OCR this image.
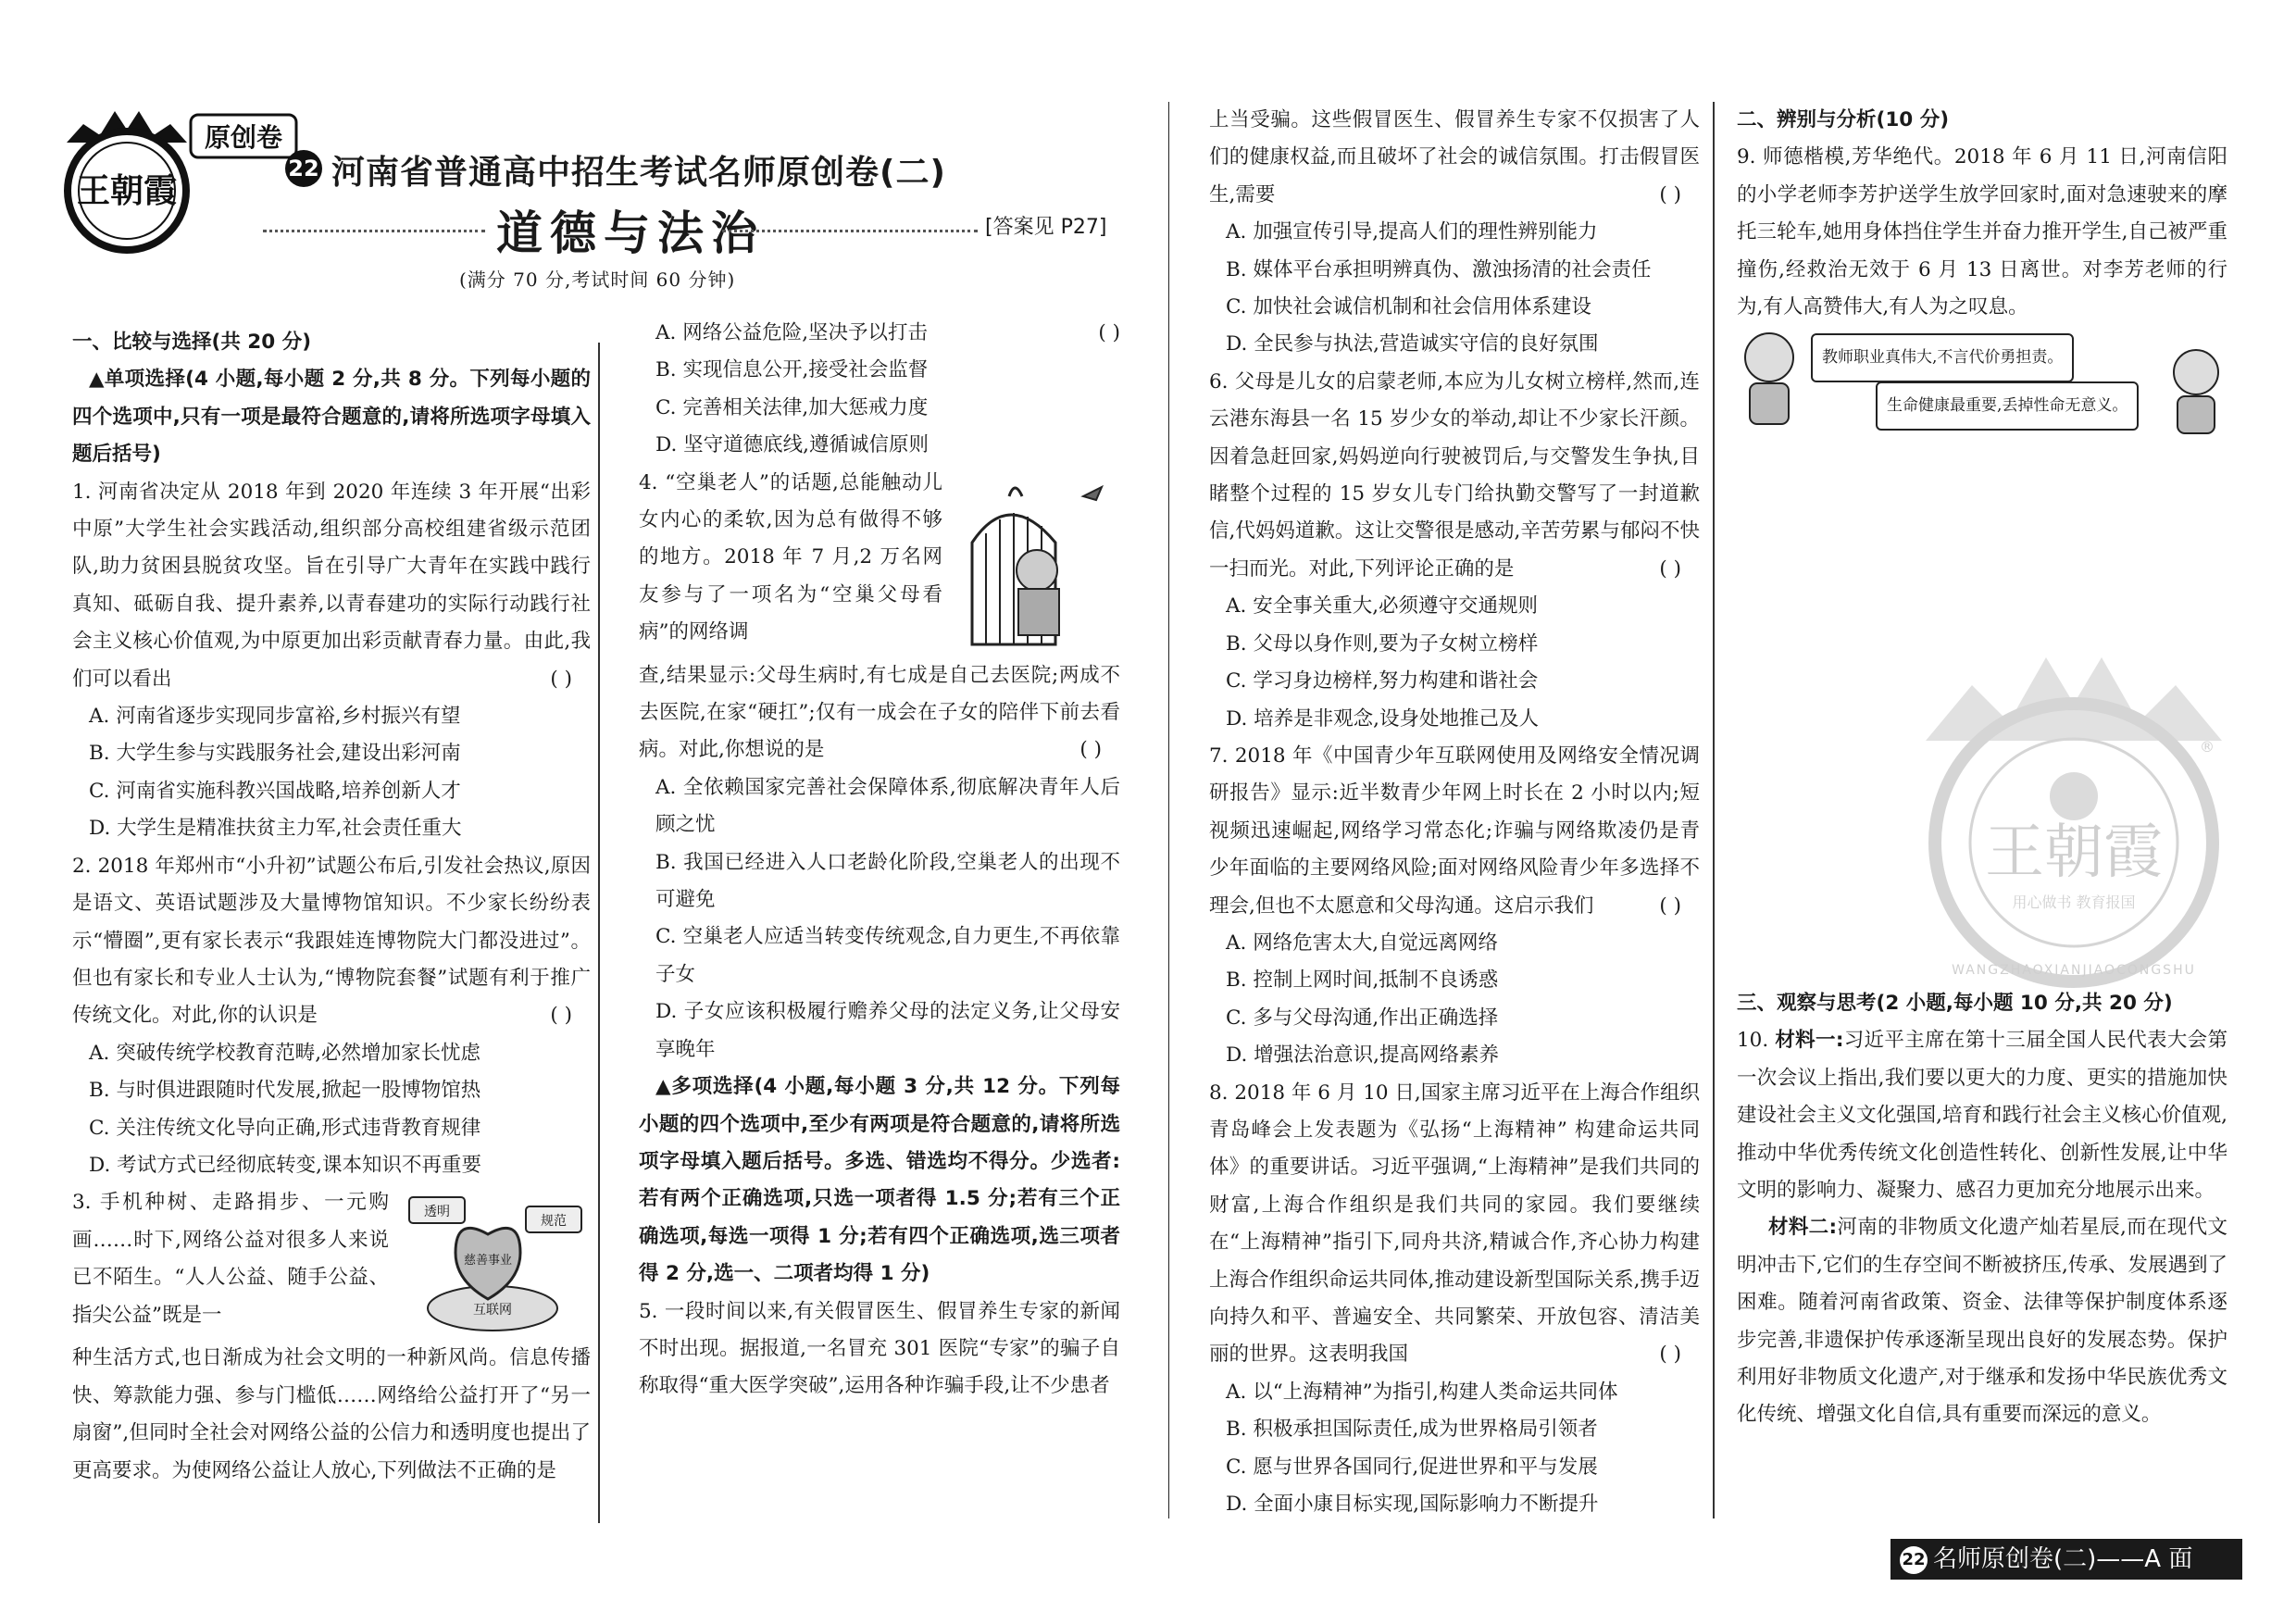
王朝霞
原创卷
22 河南省普通高中招生考试名师原创卷(二)
道德与法治	[答案见 P27]
(满分 70 分,考试时间 60 分钟)

一、比较与选择(共 20 分)

▲单项选择(4 小题,每小题 2 分,共 8 分。下列每小题的四个选项中,只有一项是最符合题意的,请将所选项字母填入题后括号)

1. 河南省决定从 2018 年到 2020 年连续 3 年开展“出彩中原”大学生社会实践活动,组织部分高校组建省级示范团队,助力贫困县脱贫攻坚。旨在引导广大青年在实践中践行真知、砥砺自我、提升素养,以青春建功的实际行动践行社会主义核心价值观,为中原更加出彩贡献青春力量。由此,我们可以看出	( )

A. 河南省逐步实现同步富裕,乡村振兴有望

B. 大学生参与实践服务社会,建设出彩河南

C. 河南省实施科教兴国战略,培养创新人才

D. 大学生是精准扶贫主力军,社会责任重大

2. 2018 年郑州市“小升初”试题公布后,引发社会热议,原因是语文、英语试题涉及大量博物馆知识。不少家长纷纷表示“懵圈”,更有家长表示“我跟娃连博物院大门都没进过”。但也有家长和专业人士认为,“博物院套餐”试题有利于推广传统文化。对此,你的认识是	( )

A. 突破传统学校教育范畴,必然增加家长忧虑

B. 与时俱进跟随时代发展,掀起一股博物馆热

C. 关注传统文化导向正确,形式违背教育规律

D. 考试方式已经彻底转变,课本知识不再重要

透明
规范
慈善事业
互联网

3. 手机种树、走路捐步、一元购画……时下,网络公益对很多人来说已不陌生。“人人公益、随手公益、指尖公益”既是一

种生活方式,也日渐成为社会文明的一种新风尚。信息传播快、筹款能力强、参与门槛低……网络给公益打开了“另一扇窗”,但同时全社会对网络公益的公信力和透明度也提出了更高要求。为使网络公益让人放心,下列做法不正确的是

( )

A. 网络公益危险,坚决予以打击

B. 实现信息公开,接受社会监督

C. 完善相关法律,加大惩戒力度

D. 坚守道德底线,遵循诚信原则

4. “空巢老人”的话题,总能触动儿女内心的柔软,因为总有做得不够的地方。2018 年 7 月,2 万名网友参与了一项名为“空巢父母看病”的网络调

查,结果显示:父母生病时,有七成是自己去医院;两成不去医院,在家“硬扛”;仅有一成会在子女的陪伴下前去看病。对此,你想说的是	( )

A. 全依赖国家完善社会保障体系,彻底解决青年人后顾之忧

B. 我国已经进入人口老龄化阶段,空巢老人的出现不可避免

C. 空巢老人应适当转变传统观念,自力更生,不再依靠子女

D. 子女应该积极履行赡养父母的法定义务,让父母安享晚年

▲多项选择(4 小题,每小题 3 分,共 12 分。下列每小题的四个选项中,至少有两项是符合题意的,请将所选项字母填入题后括号。多选、错选均不得分。少选者:若有两个正确选项,只选一项者得 1.5 分;若有三个正确选项,每选一项得 1 分;若有四个正确选项,选三项者得 2 分,选一、二项者均得 1 分)

5. 一段时间以来,有关假冒医生、假冒养生专家的新闻不时出现。据报道,一名冒充 301 医院“专家”的骗子自称取得“重大医学突破”,运用各种诈骗手段,让不少患者

上当受骗。这些假冒医生、假冒养生专家不仅损害了人们的健康权益,而且破坏了社会的诚信氛围。打击假冒医生,需要	( )

A. 加强宣传引导,提高人们的理性辨别能力

B. 媒体平台承担明辨真伪、激浊扬清的社会责任

C. 加快社会诚信机制和社会信用体系建设

D. 全民参与执法,营造诚实守信的良好氛围

6. 父母是儿女的启蒙老师,本应为儿女树立榜样,然而,连云港东海县一名 15 岁少女的举动,却让不少家长汗颜。因着急赶回家,妈妈逆向行驶被罚后,与交警发生争执,目睹整个过程的 15 岁女儿专门给执勤交警写了一封道歉信,代妈妈道歉。这让交警很是感动,辛苦劳累与郁闷不快一扫而光。对此,下列评论正确的是	( )

A. 安全事关重大,必须遵守交通规则

B. 父母以身作则,要为子女树立榜样

C. 学习身边榜样,努力构建和谐社会

D. 培养是非观念,设身处地推己及人

7. 2018 年《中国青少年互联网使用及网络安全情况调研报告》显示:近半数青少年网上时长在 2 小时以内;短视频迅速崛起,网络学习常态化;诈骗与网络欺凌仍是青少年面临的主要网络风险;面对网络风险青少年多选择不理会,但也不太愿意和父母沟通。这启示我们	( )

A. 网络危害太大,自觉远离网络

B. 控制上网时间,抵制不良诱惑

C. 多与父母沟通,作出正确选择

D. 增强法治意识,提高网络素养

8. 2018 年 6 月 10 日,国家主席习近平在上海合作组织青岛峰会上发表题为《弘扬“上海精神” 构建命运共同体》的重要讲话。习近平强调,“上海精神”是我们共同的财富,上海合作组织是我们共同的家园。我们要继续在“上海精神”指引下,同舟共济,精诚合作,齐心协力构建上海合作组织命运共同体,推动建设新型国际关系,携手迈向持久和平、普遍安全、共同繁荣、开放包容、清洁美丽的世界。这表明我国	( )

A. 以“上海精神”为指引,构建人类命运共同体

B. 积极承担国际责任,成为世界格局引领者

C. 愿与世界各国同行,促进世界和平与发展

D. 全面小康目标实现,国际影响力不断提升

二、辨别与分析(10 分)

9. 师德楷模,芳华绝代。2018 年 6 月 11 日,河南信阳的小学老师李芳护送学生放学回家时,面对急速驶来的摩托三轮车,她用身体挡住学生并奋力推开学生,自己被严重撞伤,经救治无效于 6 月 13 日离世。对李芳老师的行为,有人高赞伟大,有人为之叹息。

教师职业真伟大,不言代价勇担责。
生命健康最重要,丢掉性命无意义。
王朝霞
用心做书 教育报国
WANGZHAOXIANJIAOCONGSHU
®

三、观察与思考(2 小题,每小题 10 分,共 20 分)

10. 材料一:习近平主席在第十三届全国人民代表大会第一次会议上指出,我们要以更大的力度、更实的措施加快建设社会主义文化强国,培育和践行社会主义核心价值观,推动中华优秀传统文化创造性转化、创新性发展,让中华文明的影响力、凝聚力、感召力更加充分地展示出来。

材料二:河南的非物质文化遗产灿若星辰,而在现代文明冲击下,它们的生存空间不断被挤压,传承、发展遇到了困难。随着河南省政策、资金、法律等保护制度体系逐步完善,非遗保护传承逐渐呈现出良好的发展态势。保护利用好非物质文化遗产,对于继承和发扬中华民族优秀文化传统、增强文化自信,具有重要而深远的意义。

22 名师原创卷(二)——A 面
